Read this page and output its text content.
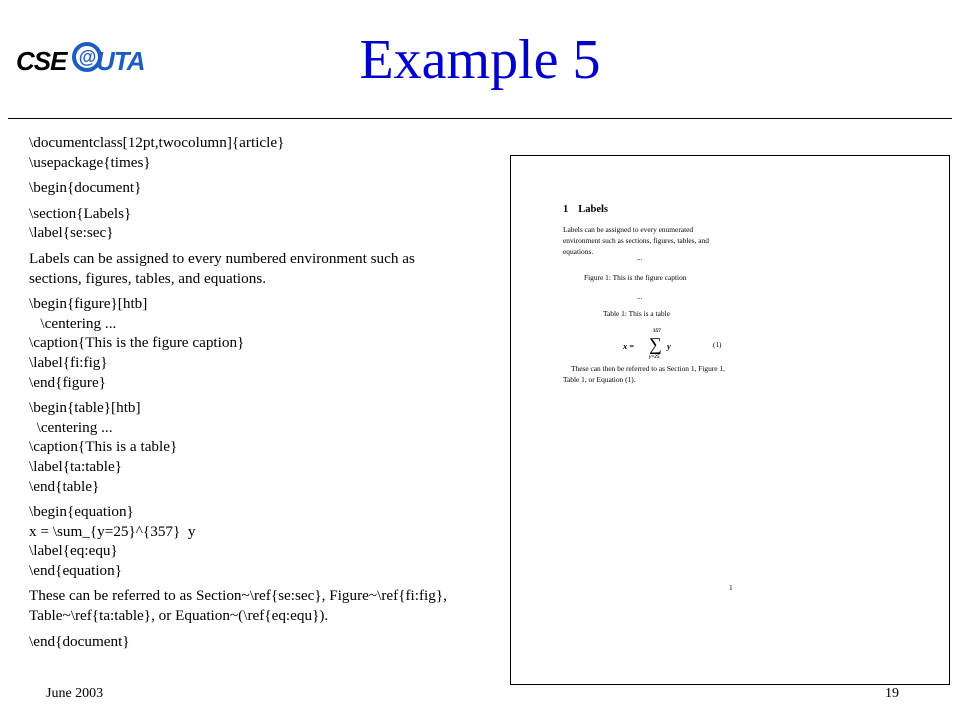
CSE @ UTA	Example 5
\documentclass[12pt,twocolumn]{article}
\usepackage{times}
\begin{document}
\section{Labels}
\label{se:sec}
Labels can be assigned to every numbered environment such as
sections, figures, tables, and equations.
\begin{figure}[htb]
\centering ...
\caption{This is the figure caption}
\label{fi:fig}
\end{figure}
\begin{table}[htb]
\centering ...
\caption{This is a table}
\label{ta:table}
\end{table}
\begin{equation}
x = \sum_{y=25}^{357}  y
\label{eq:equ}
\end{equation}
These can be referred to as Section~\ref{se:sec}, Figure~\ref{fi:fig},
Table~\ref{ta:table}, or Equation~(\ref{eq:equ}).
\end{document}
1 Labels
Labels can be assigned to every enumerated environment such as sections, figures, tables, and equations.
...
Figure 1: This is the figure caption
...
Table 1: This is a table
x =
357
∑
y=25
y	(1)
These can then be referred to as Section 1, Figure 1, Table 1, or Equation (1).
1
June 2003	19
